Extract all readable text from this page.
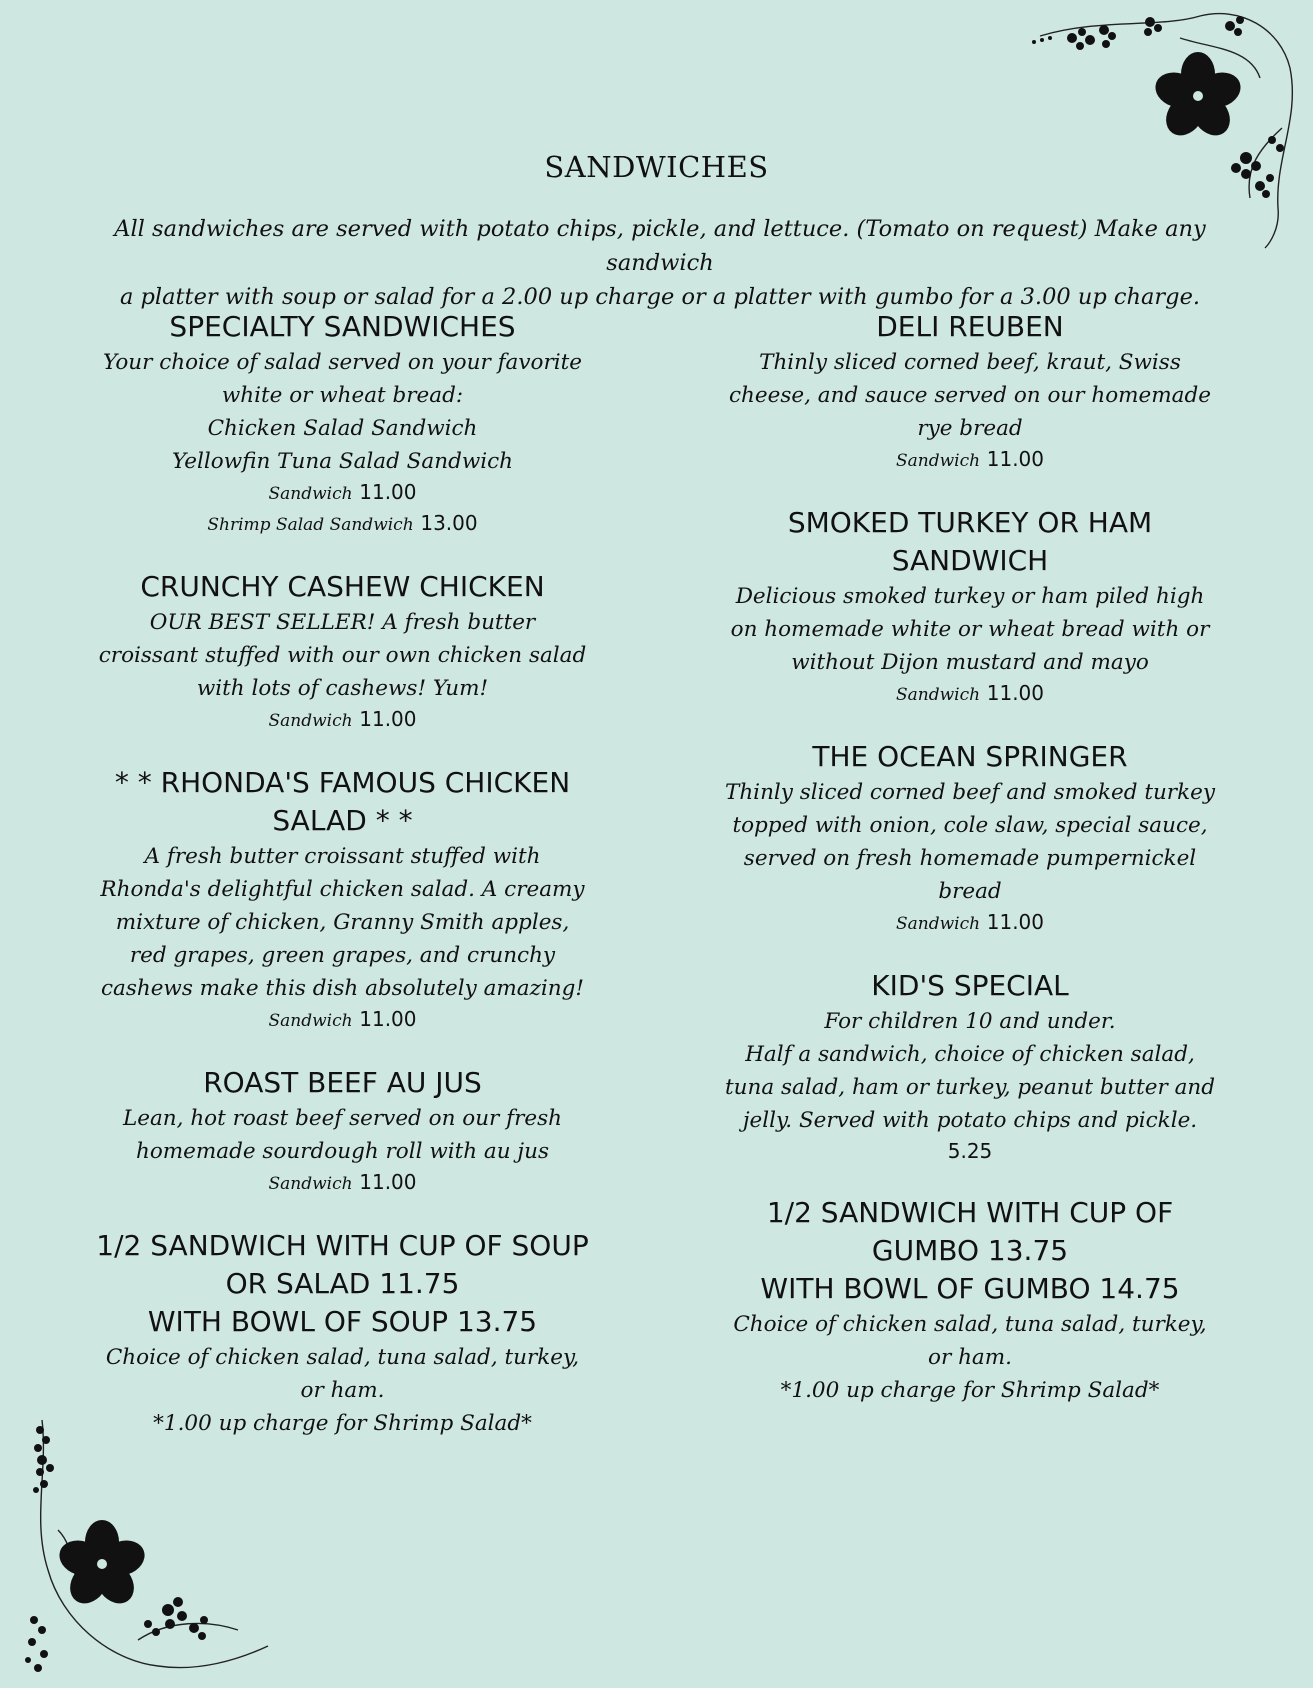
SANDWICHES
All sandwiches are served with potato chips, pickle, and lettuce. (Tomato on request) Make any sandwich
a platter with soup or salad for a 2.00 up charge or a platter with gumbo for a 3.00 up charge.
SPECIALTY SANDWICHES
Your choice of salad served on your favorite
white or wheat bread:
Chicken Salad Sandwich
Yellowfin Tuna Salad Sandwich
Sandwich 11.00
Shrimp Salad Sandwich 13.00
CRUNCHY CASHEW CHICKEN
OUR BEST SELLER! A fresh butter
croissant stuffed with our own chicken salad
with lots of cashews! Yum!
Sandwich 11.00
* * RHONDA'S FAMOUS CHICKEN
SALAD * *
A fresh butter croissant stuffed with
Rhonda's delightful chicken salad. A creamy
mixture of chicken, Granny Smith apples,
red grapes, green grapes, and crunchy
cashews make this dish absolutely amazing!
Sandwich 11.00
ROAST BEEF AU JUS
Lean, hot roast beef served on our fresh
homemade sourdough roll with au jus
Sandwich 11.00
1/2 SANDWICH WITH CUP OF SOUP
OR SALAD 11.75
WITH BOWL OF SOUP 13.75
Choice of chicken salad, tuna salad, turkey,
or ham.
*1.00 up charge for Shrimp Salad*
DELI REUBEN
Thinly sliced corned beef, kraut, Swiss
cheese, and sauce served on our homemade
rye bread
Sandwich 11.00
SMOKED TURKEY OR HAM
SANDWICH
Delicious smoked turkey or ham piled high
on homemade white or wheat bread with or
without Dijon mustard and mayo
Sandwich 11.00
THE OCEAN SPRINGER
Thinly sliced corned beef and smoked turkey
topped with onion, cole slaw, special sauce,
served on fresh homemade pumpernickel
bread
Sandwich 11.00
KID'S SPECIAL
For children 10 and under.
Half a sandwich, choice of chicken salad,
tuna salad, ham or turkey, peanut butter and
jelly. Served with potato chips and pickle.
5.25
1/2 SANDWICH WITH CUP OF
GUMBO 13.75
WITH BOWL OF GUMBO 14.75
Choice of chicken salad, tuna salad, turkey,
or ham.
*1.00 up charge for Shrimp Salad*
